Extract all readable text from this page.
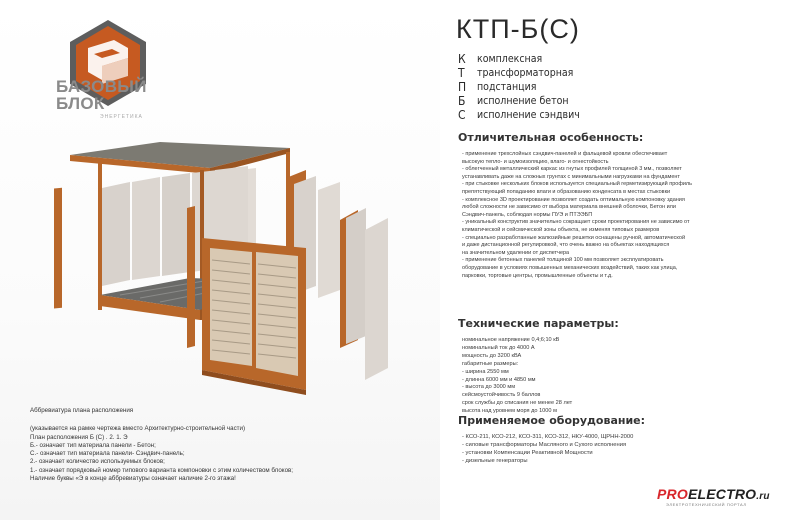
БАЗОВЫЙ
БЛОК
ЭНЕРГЕТИКА
Аббревиатура плана расположения
(указывается на рамке чертежа вместо Архитектурно-строительной части)
План расположения Б (С) . 2. 1. Э
Б.- означает тип материала панели - Бетон;
С.- означает тип материала панели- Сэндвич-панель;
2.- означает количество используемых блоков;
1.- означает порядковый номер типового варианта компоновки с этим количеством блоков;
Наличие буквы «Э в конце аббревиатуры означает наличие 2-го этажа!
КТП-Б(С)
К	комплексная
Т	трансформаторная
П	подстанция
Б	исполнение бетон
С	исполнение сэндвич
Отличительная особенность:
- применение трехслойных сэндвич-панелей и фальцевой кровли обеспечивает
высокую тепло- и шумоизоляцию, влаго- и огнестойкость
- облегченный металлический каркас из гнутых профилей толщиной 3 мм., позволяет
устанавливать даже на сложных грунтах с минимальными нагрузками на фундамент
- при стыковке нескольких блоков используется специальный герметизирующий профиль
препятствующий попаданию влаги и образованию конденсата в местах стыковки
- комплексное 3D проектирование позволяет создать оптимальную компоновку здания
любой сложности не зависимо от выбора материала внешней оболочки, Бетон или
Сэндвич-панель, соблюдая нормы ПУЭ и ПТЭЭБП
- уникальный конструктив значительно сокращает сроки проектирования не зависимо от
климатической и сейсмической зоны объекта, не изменяя типовых размеров
- специально разработанные жалюзийные решетки оснащены ручной, автоматической
и даже дистанционной регулировкой, что очень важно на объектах находящихся
на значительном удалении от диспетчера
- применение бетонных панелей толщиной 100 мм позволяет эксплуатировать
оборудование в условиях повышенных механических воздействий, таких как улица,
парковки, торговые центры, промышленные объекты и т.д.
Технические параметры:
номинальное напряжение 0,4;6;10 кВ
номинальный ток до 4000 А
мощность до 3200 кВА
габаритные размеры:
- ширина 2550 мм
- длинна 6000 мм и 4850 мм
- высота до 3000 мм
сейсмоустойчивость 9 баллов
срок службы до списания не менее 28 лет
высота над уровнем моря до 1000 м
Применяемое оборудование:
- КСО-211, КСО-212, КСО-311, КСО-312, НКУ-4000, ЩРНН-2000
- силовые трансформаторы Масляного и Сухого исполнения
- установки Компенсации Реактивной Мощности
- дизельные генераторы
PROELECTRO.ru
ЭЛЕКТРОТЕХНИЧЕСКИЙ ПОРТАЛ
